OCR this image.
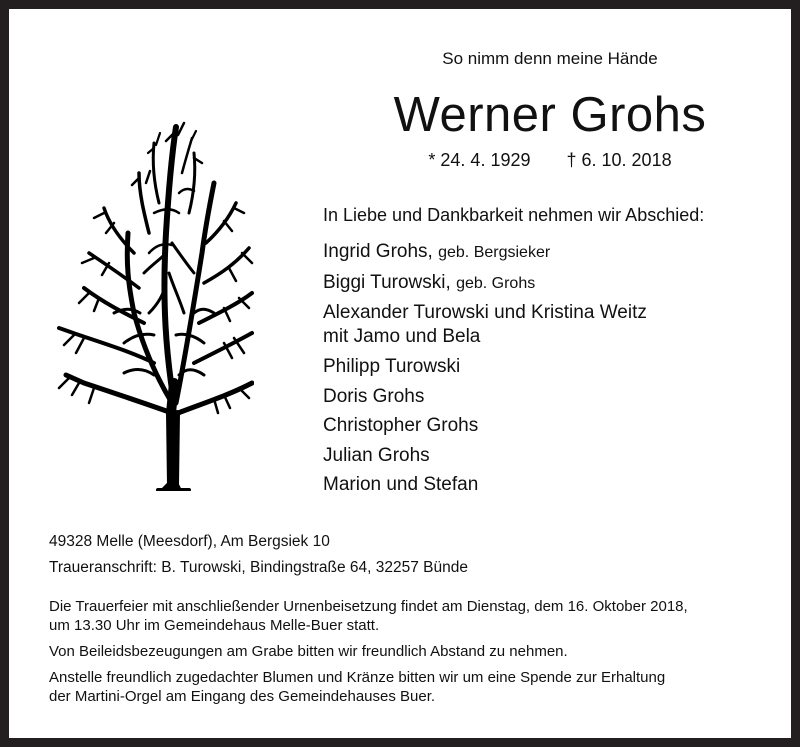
So nimm denn meine Hände
Werner Grohs
* 24. 4. 1929 † 6. 10. 2018
In Liebe und Dankbarkeit nehmen wir Abschied:
Ingrid Grohs, geb. Bergsieker
Biggi Turowski, geb. Grohs
Alexander Turowski und Kristina Weitz
mit Jamo und Bela
Philipp Turowski
Doris Grohs
Christopher Grohs
Julian Grohs
Marion und Stefan
49328 Melle (Meesdorf), Am Bergsiek 10
Traueranschrift: B. Turowski, Bindingstraße 64, 32257 Bünde

Die Trauerfeier mit anschließender Urnenbeisetzung findet am Dienstag, dem 16. Oktober 2018,
um 13.30 Uhr im Gemeindehaus Melle-Buer statt.

Von Beileidsbezeugungen am Grabe bitten wir freundlich Abstand zu nehmen.

Anstelle freundlich zugedachter Blumen und Kränze bitten wir um eine Spende zur Erhaltung
der Martini-Orgel am Eingang des Gemeindehauses Buer.
